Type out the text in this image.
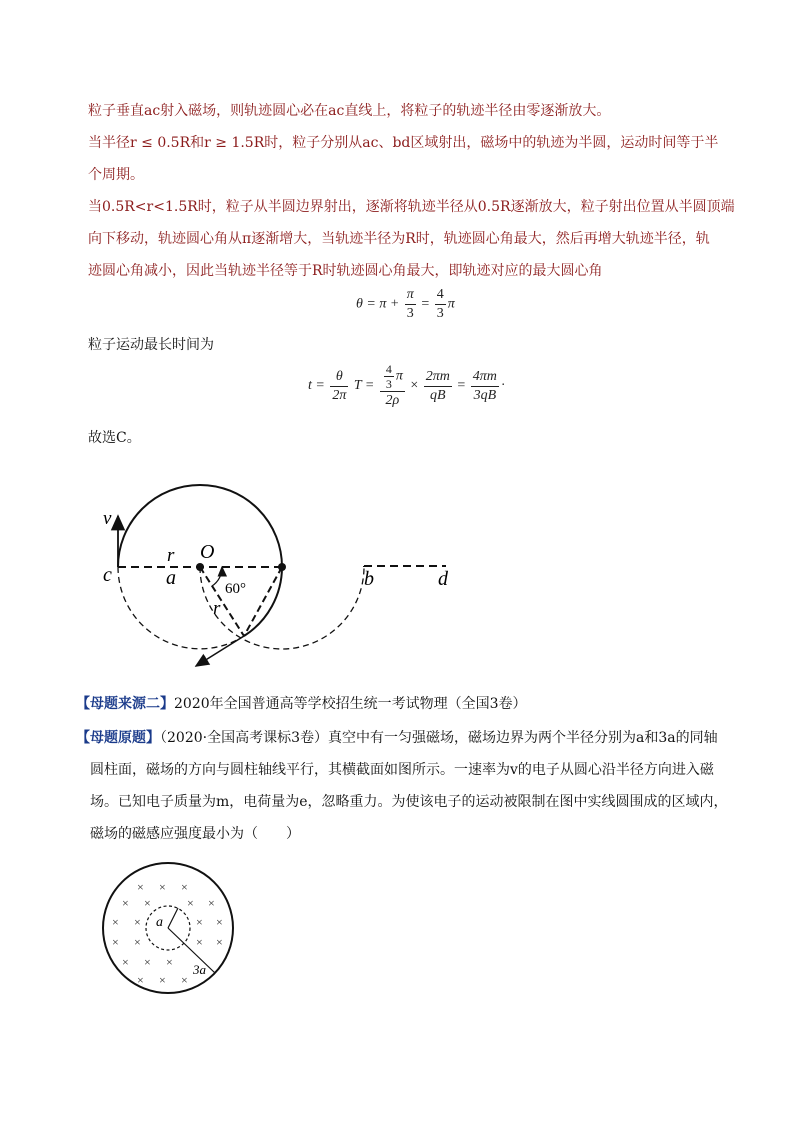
粒子垂直ac射入磁场，则轨迹圆心必在ac直线上，将粒子的轨迹半径由零逐渐放大。
当半径r ≤ 0.5R和r ≥ 1.5R时，粒子分别从ac、bd区域射出，磁场中的轨迹为半圆，运动时间等于半
个周期。
当0.5R<r<1.5R时，粒子从半圆边界射出，逐渐将轨迹半径从0.5R逐渐放大，粒子射出位置从半圆顶端
向下移动，轨迹圆心角从π逐渐增大，当轨迹半径为R时，轨迹圆心角最大，然后再增大轨迹半径，轨
迹圆心角减小，因此当轨迹半径等于R时轨迹圆心角最大，即轨迹对应的最大圆心角
$\theta = \pi + \frac{\pi}{3} = \frac{4}{3}$ π
粒子运动最长时间为
$t = \frac{\theta}{2\pi}$ $T = \frac{\frac{4}{3} \pi}{2\rho} \times \frac{2\pi m}{qB} = \frac{4\pi m}{3qB}$ ·
故选C。
v
r O
c	a	60°
r
b	d
【母题来源二】2020年全国普通高等学校招生统一考试物理（全国3卷）
【母题原题】（2020·全国高考课标3卷）真空中有一匀强磁场，磁场边界为两个半径分别为a和3a的同轴
圆柱面，磁场的方向与圆柱轴线平行，其横截面如图所示。一速率为v的电子从圆心沿半径方向进入磁
场。已知电子质量为m，电荷量为e，忽略重力。为使该电子的运动被限制在图中实线圆围成的区域内，
磁场的磁感应强度最小为（　　）
a
3a
× × ×
× ×	× ×
× ×	× ×
× ×	× ×
× × ×
× × ×
